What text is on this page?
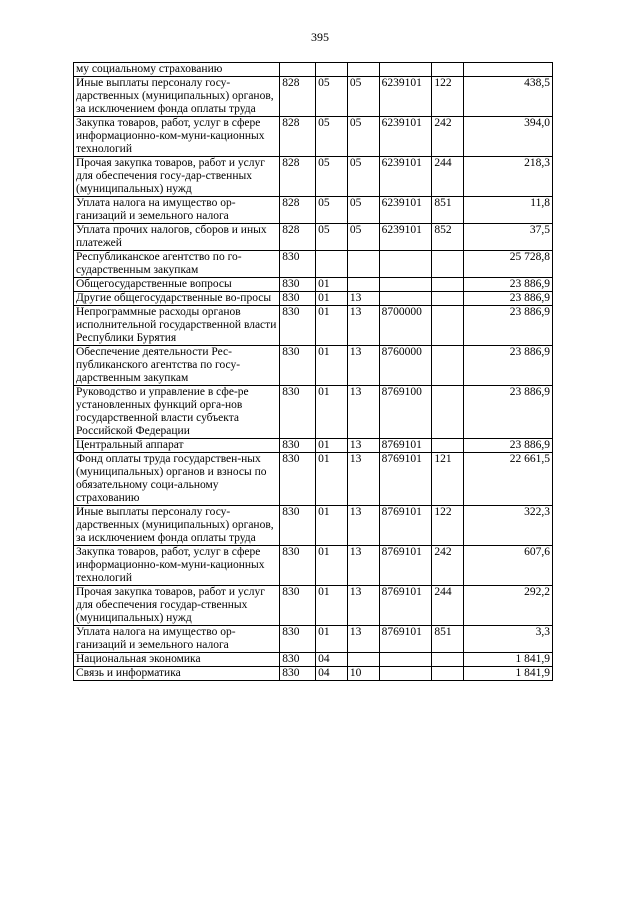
395
му социальному страхованию						
Иные выплаты персоналу госу-дарственных (муниципальных) органов, за исключением фонда оплаты труда	828	05	05	6239101	122	438,5
Закупка товаров, работ, услуг в сфере информационно-ком-муни-кационных технологий	828	05	05	6239101	242	394,0
Прочая закупка товаров, работ и услуг для обеспечения госу-дар-ственных (муниципальных) нужд	828	05	05	6239101	244	218,3
Уплата налога на имущество ор-ганизаций и земельного налога	828	05	05	6239101	851	11,8
Уплата прочих налогов, сборов и иных платежей	828	05	05	6239101	852	37,5
Республиканское агентство по го-сударственным закупкам	830					25 728,8
Общегосударственные вопросы	830	01				23 886,9
Другие общегосударственные во-просы	830	01	13			23 886,9
Непрограммные расходы органов исполнительной государственной власти Республики Бурятия	830	01	13	8700000		23 886,9
Обеспечение деятельности Рес-публиканского агентства по госу-дарственным закупкам	830	01	13	8760000		23 886,9
Руководство и управление в сфе-ре установленных функций орга-нов государственной власти субъекта Российской Федерации	830	01	13	8769100		23 886,9
Центральный аппарат	830	01	13	8769101		23 886,9
Фонд оплаты труда государствен-ных (муниципальных) органов и взносы по обязательному соци-альному страхованию	830	01	13	8769101	121	22 661,5
Иные выплаты персоналу госу-дарственных (муниципальных) органов, за исключением фонда оплаты труда	830	01	13	8769101	122	322,3
Закупка товаров, работ, услуг в сфере информационно-ком-муни-кационных технологий	830	01	13	8769101	242	607,6
Прочая закупка товаров, работ и услуг для обеспечения государ-ственных (муниципальных) нужд	830	01	13	8769101	244	292,2
Уплата налога на имущество ор-ганизаций и земельного налога	830	01	13	8769101	851	3,3
Национальная экономика	830	04				1 841,9
Связь и информатика	830	04	10			1 841,9
